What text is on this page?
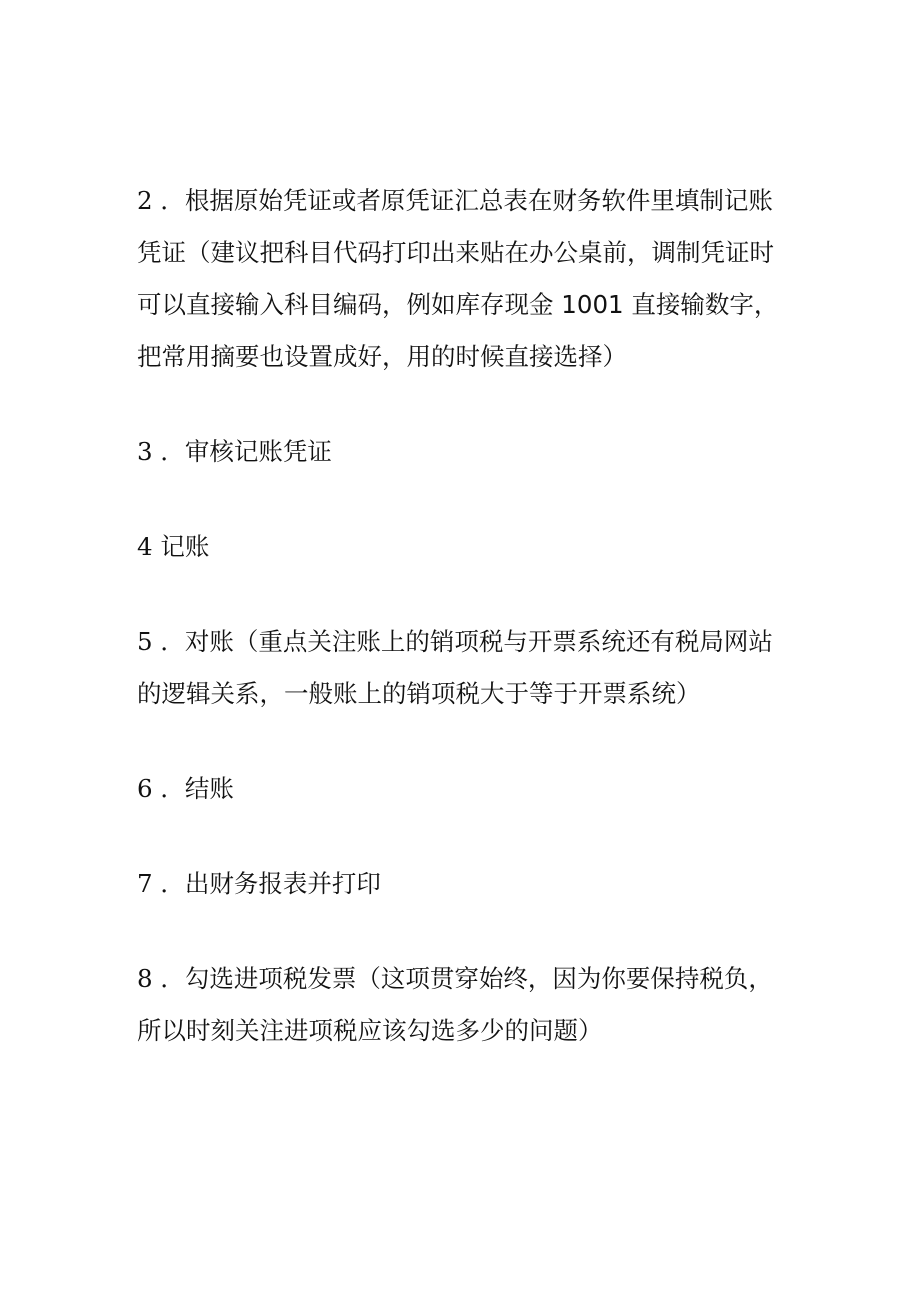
2 ．根据原始凭证或者原凭证汇总表在财务软件里填制记账凭证（建议把科目代码打印出来贴在办公桌前，调制凭证时可以直接输入科目编码，例如库存现金 1001 直接输数字，把常用摘要也设置成好，用的时候直接选择）

3 ．审核记账凭证

4 记账

5 ．对账（重点关注账上的销项税与开票系统还有税局网站的逻辑关系，一般账上的销项税大于等于开票系统）

6 ．结账

7 ．出财务报表并打印

8 ．勾选进项税发票（这项贯穿始终，因为你要保持税负，所以时刻关注进项税应该勾选多少的问题）
